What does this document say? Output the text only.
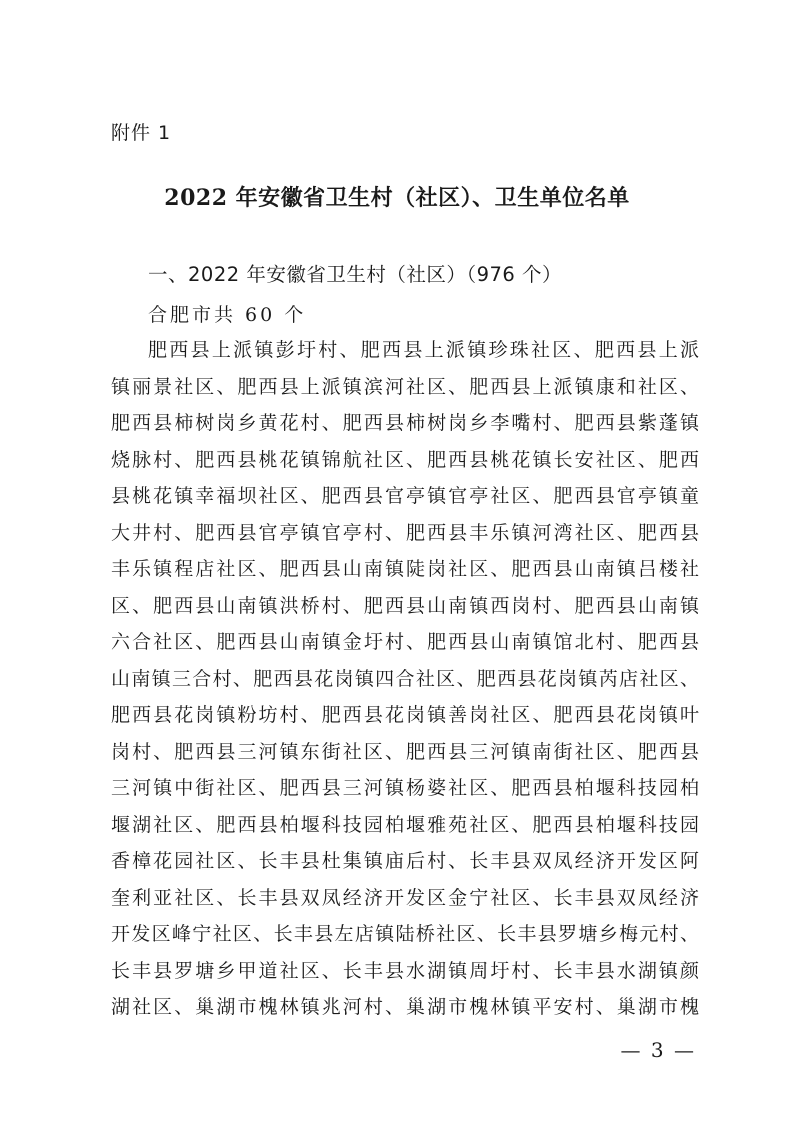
附件 1
2022 年安徽省卫生村（社区）、卫生单位名单
一、2022 年安徽省卫生村（社区）（976 个）
合肥市共 60 个
肥西县上派镇彭圩村、肥西县上派镇珍珠社区、肥西县上派
镇丽景社区、肥西县上派镇滨河社区、肥西县上派镇康和社区、
肥西县柿树岗乡黄花村、肥西县柿树岗乡李嘴村、肥西县紫蓬镇
烧脉村、肥西县桃花镇锦航社区、肥西县桃花镇长安社区、肥西
县桃花镇幸福坝社区、肥西县官亭镇官亭社区、肥西县官亭镇童
大井村、肥西县官亭镇官亭村、肥西县丰乐镇河湾社区、肥西县
丰乐镇程店社区、肥西县山南镇陡岗社区、肥西县山南镇吕楼社
区、肥西县山南镇洪桥村、肥西县山南镇西岗村、肥西县山南镇
六合社区、肥西县山南镇金圩村、肥西县山南镇馆北村、肥西县
山南镇三合村、肥西县花岗镇四合社区、肥西县花岗镇芮店社区、
肥西县花岗镇粉坊村、肥西县花岗镇善岗社区、肥西县花岗镇叶
岗村、肥西县三河镇东街社区、肥西县三河镇南街社区、肥西县
三河镇中街社区、肥西县三河镇杨婆社区、肥西县柏堰科技园柏
堰湖社区、肥西县柏堰科技园柏堰雅苑社区、肥西县柏堰科技园
香樟花园社区、长丰县杜集镇庙后村、长丰县双凤经济开发区阿
奎利亚社区、长丰县双凤经济开发区金宁社区、长丰县双凤经济
开发区峰宁社区、长丰县左店镇陆桥社区、长丰县罗塘乡梅元村、
长丰县罗塘乡甲道社区、长丰县水湖镇周圩村、长丰县水湖镇颜
湖社区、巢湖市槐林镇兆河村、巢湖市槐林镇平安村、巢湖市槐
— 3 —
